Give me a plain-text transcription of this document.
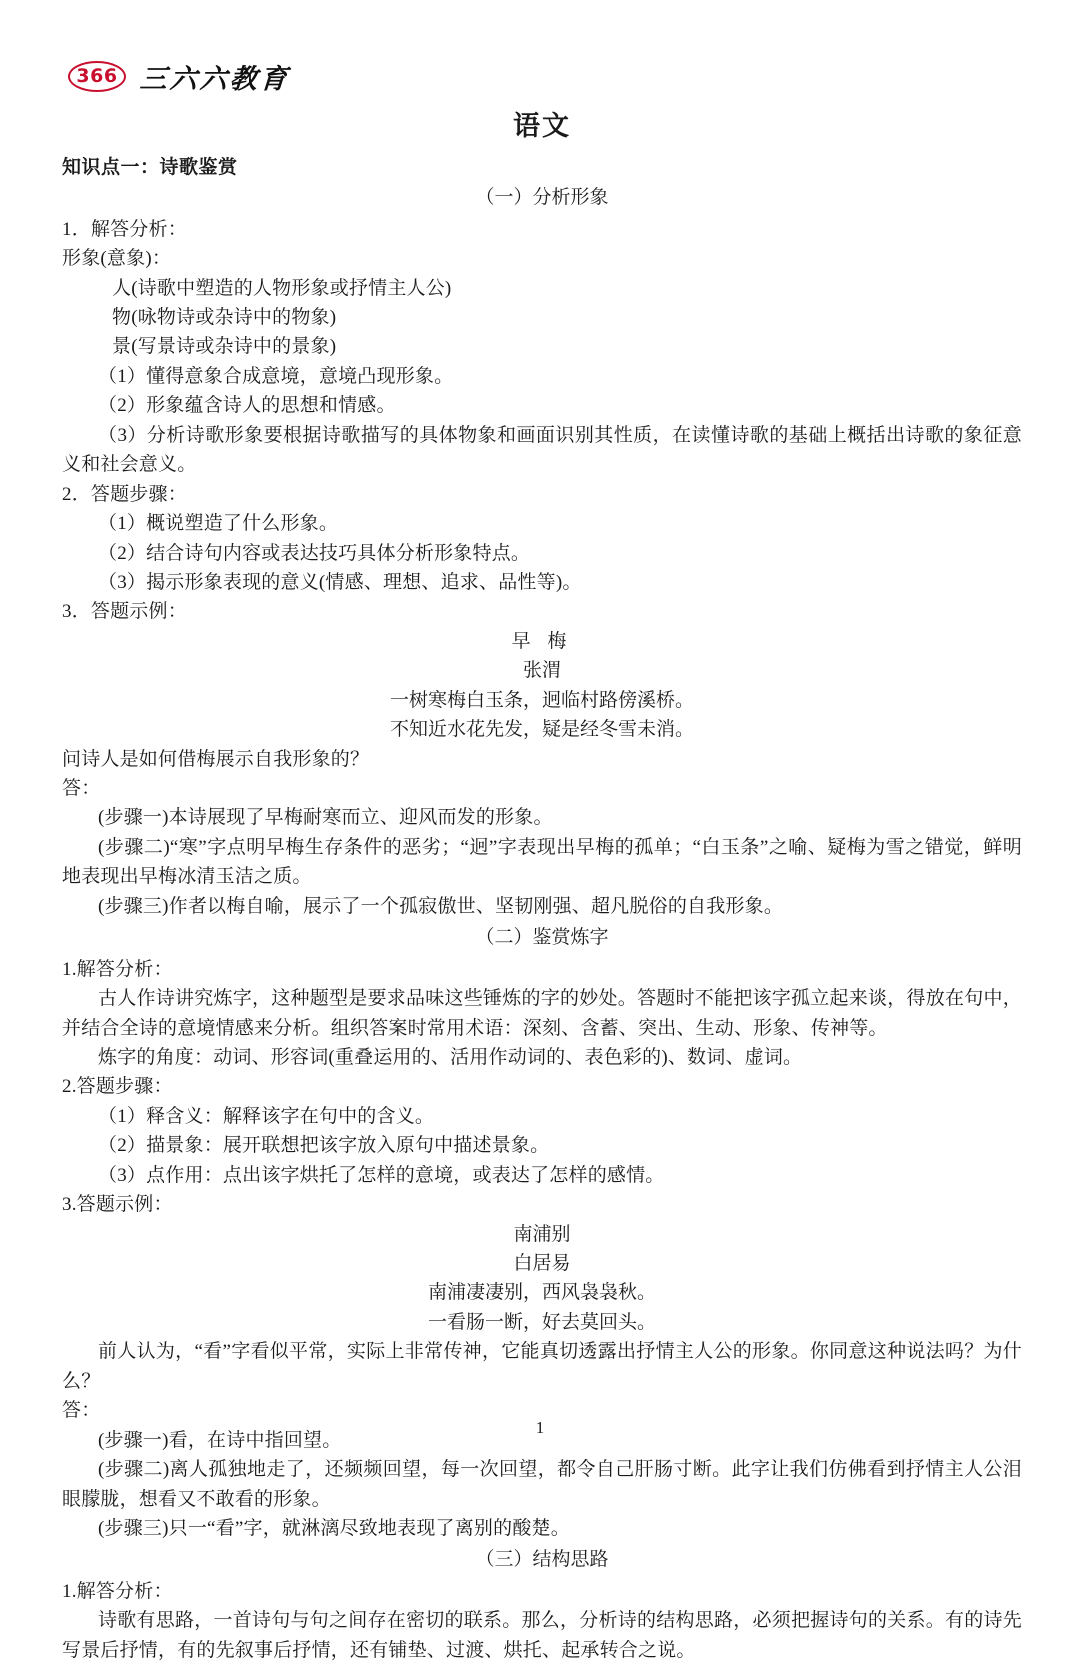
366 三六六教育
语文
知识点一：诗歌鉴赏
（一）分析形象
1．解答分析：
形象(意象)：
人(诗歌中塑造的人物形象或抒情主人公)
物(咏物诗或杂诗中的物象)
景(写景诗或杂诗中的景象)
（1）懂得意象合成意境，意境凸现形象。
（2）形象蕴含诗人的思想和情感。
（3）分析诗歌形象要根据诗歌描写的具体物象和画面识别其性质，在读懂诗歌的基础上概括出诗歌的象征意义和社会意义。
2．答题步骤：
（1）概说塑造了什么形象。
（2）结合诗句内容或表达技巧具体分析形象特点。
（3）揭示形象表现的意义(情感、理想、追求、品性等)。
3．答题示例：
早 梅
张渭
一树寒梅白玉条，迥临村路傍溪桥。
不知近水花先发，疑是经冬雪未消。
问诗人是如何借梅展示自我形象的？
答：
(步骤一)本诗展现了早梅耐寒而立、迎风而发的形象。
(步骤二)“寒”字点明早梅生存条件的恶劣；“迥”字表现出早梅的孤单；“白玉条”之喻、疑梅为雪之错觉，鲜明地表现出早梅冰清玉洁之质。
(步骤三)作者以梅自喻，展示了一个孤寂傲世、坚韧刚强、超凡脱俗的自我形象。
（二）鉴赏炼字
1.解答分析：
古人作诗讲究炼字，这种题型是要求品味这些锤炼的字的妙处。答题时不能把该字孤立起来谈，得放在句中，并结合全诗的意境情感来分析。组织答案时常用术语：深刻、含蓄、突出、生动、形象、传神等。
炼字的角度：动词、形容词(重叠运用的、活用作动词的、表色彩的)、数词、虚词。
2.答题步骤：
（1）释含义：解释该字在句中的含义。
（2）描景象：展开联想把该字放入原句中描述景象。
（3）点作用：点出该字烘托了怎样的意境，或表达了怎样的感情。
3.答题示例：
南浦别
白居易
南浦凄凄别，西风袅袅秋。
一看肠一断，好去莫回头。
前人认为，“看”字看似平常，实际上非常传神，它能真切透露出抒情主人公的形象。你同意这种说法吗？为什么？
答：
(步骤一)看，在诗中指回望。
(步骤二)离人孤独地走了，还频频回望，每一次回望，都令自己肝肠寸断。此字让我们仿佛看到抒情主人公泪眼朦胧，想看又不敢看的形象。
(步骤三)只一“看”字，就淋漓尽致地表现了离别的酸楚。
（三）结构思路
1.解答分析：
诗歌有思路，一首诗句与句之间存在密切的联系。那么，分析诗的结构思路，必须把握诗句的关系。有的诗先写景后抒情，有的先叙事后抒情，还有铺垫、过渡、烘托、起承转合之说。
1
